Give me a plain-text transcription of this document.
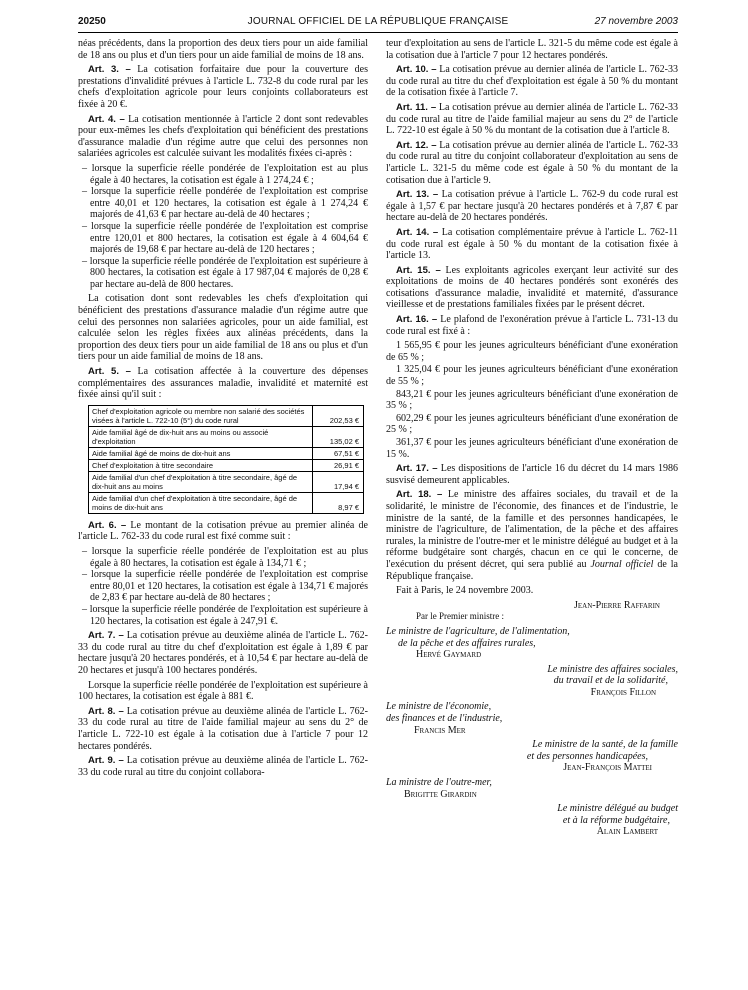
20250	JOURNAL OFFICIEL DE LA RÉPUBLIQUE FRANÇAISE	27 novembre 2003

néas précédents, dans la proportion des deux tiers pour un aide familial de 18 ans ou plus et d'un tiers pour un aide familial de moins de 18 ans.

Art. 3. – La cotisation forfaitaire due pour la couverture des prestations d'invalidité prévues à l'article L. 732-8 du code rural par les chefs d'exploitation agricole pour leurs conjoints collaborateurs est fixée à 20 €.

Art. 4. – La cotisation mentionnée à l'article 2 dont sont redevables pour eux-mêmes les chefs d'exploitation qui bénéficient des prestations d'assurance maladie d'un régime autre que celui des personnes non salariées agricoles est calculée suivant les modalités fixées ci-après :

– lorsque la superficie réelle pondérée de l'exploitation est au plus égale à 40 hectares, la cotisation est égale à 1 274,24 € ;
– lorsque la superficie réelle pondérée de l'exploitation est comprise entre 40,01 et 120 hectares, la cotisation est égale à 1 274,24 € majorés de 41,63 € par hectare au-delà de 40 hectares ;
– lorsque la superficie réelle pondérée de l'exploitation est comprise entre 120,01 et 800 hectares, la cotisation est égale à 4 604,64 € majorés de 19,68 € par hectare au-delà de 120 hectares ;
– lorsque la superficie réelle pondérée de l'exploitation est supérieure à 800 hectares, la cotisation est égale à 17 987,04 € majorés de 0,28 € par hectare au-delà de 800 hectares.

La cotisation dont sont redevables les chefs d'exploitation qui bénéficient des prestations d'assurance maladie d'un régime autre que celui des personnes non salariées agricoles, pour un aide familial, est calculée selon les règles fixées aux alinéas précédents, dans la proportion des deux tiers pour un aide familial de 18 ans ou plus et d'un tiers pour un aide familial de moins de 18 ans.

Art. 5. – La cotisation affectée à la couverture des dépenses complémentaires des assurances maladie, invalidité et maternité est fixée ainsi qu'il suit :

Chef d'exploitation agricole ou membre non salarié des sociétés visées à l'article L. 722-10 (5°) du code rural	202,53 €
Aide familial âgé de dix-huit ans au moins ou associé d'exploitation	135,02 €
Aide familial âgé de moins de dix-huit ans	67,51 €
Chef d'exploitation à titre secondaire	26,91 €
Aide familial d'un chef d'exploitation à titre secondaire, âgé de dix-huit ans au moins	17,94 €
Aide familial d'un chef d'exploitation à titre secondaire, âgé de moins de dix-huit ans	8,97 €

Art. 6. – Le montant de la cotisation prévue au premier alinéa de l'article L. 762-33 du code rural est fixé comme suit :

– lorsque la superficie réelle pondérée de l'exploitation est au plus égale à 80 hectares, la cotisation est égale à 134,71 € ;
– lorsque la superficie réelle pondérée de l'exploitation est comprise entre 80,01 et 120 hectares, la cotisation est égale à 134,71 € majorés de 2,83 € par hectare au-delà de 80 hectares ;
– lorsque la superficie réelle pondérée de l'exploitation est supérieure à 120 hectares, la cotisation est égale à 247,91 €.

Art. 7. – La cotisation prévue au deuxième alinéa de l'article L. 762-33 du code rural au titre du chef d'exploitation est égale à 1,89 € par hectare jusqu'à 20 hectares pondérés, et à 10,54 € par hectare au-delà de 20 hectares et jusqu'à 100 hectares pondérés.

Lorsque la superficie réelle pondérée de l'exploitation est supérieure à 100 hectares, la cotisation est égale à 881 €.

Art. 8. – La cotisation prévue au deuxième alinéa de l'article L. 762-33 du code rural au titre de l'aide familial majeur au sens du 2° de l'article L. 722-10 est égale à la cotisation due à l'article 7 pour 12 hectares pondérés.

Art. 9. – La cotisation prévue au deuxième alinéa de l'article L. 762-33 du code rural au titre du conjoint collabora-

teur d'exploitation au sens de l'article L. 321-5 du même code est égale à la cotisation due à l'article 7 pour 12 hectares pondérés.

Art. 10. – La cotisation prévue au dernier alinéa de l'article L. 762-33 du code rural au titre du chef d'exploitation est égale à 50 % du montant de la cotisation fixée à l'article 7.

Art. 11. – La cotisation prévue au dernier alinéa de l'article L. 762-33 du code rural au titre de l'aide familial majeur au sens du 2° de l'article L. 722-10 est égale à 50 % du montant de la cotisation due à l'article 8.

Art. 12. – La cotisation prévue au dernier alinéa de l'article L. 762-33 du code rural au titre du conjoint collaborateur d'exploitation au sens de l'article L. 321-5 du même code est égale à 50 % du montant de la cotisation due à l'article 9.

Art. 13. – La cotisation prévue à l'article L. 762-9 du code rural est égale à 1,57 € par hectare jusqu'à 20 hectares pondérés et à 7,87 € par hectare au-delà de 20 hectares pondérés.

Art. 14. – La cotisation complémentaire prévue à l'article L. 762-11 du code rural est égale à 50 % du montant de la cotisation fixée à l'article 13.

Art. 15. – Les exploitants agricoles exerçant leur activité sur des exploitations de moins de 40 hectares pondérés sont exonérés des cotisations d'assurance maladie, invalidité et maternité, d'assurance vieillesse et de prestations familiales fixées par le présent décret.

Art. 16. – Le plafond de l'exonération prévue à l'article L. 731-13 du code rural est fixé à :

1 565,95 € pour les jeunes agriculteurs bénéficiant d'une exonération de 65 % ;

1 325,04 € pour les jeunes agriculteurs bénéficiant d'une exonération de 55 % ;

843,21 € pour les jeunes agriculteurs bénéficiant d'une exonération de 35 % ;

602,29 € pour les jeunes agriculteurs bénéficiant d'une exonération de 25 % ;

361,37 € pour les jeunes agriculteurs bénéficiant d'une exonération de 15 %.

Art. 17. – Les dispositions de l'article 16 du décret du 14 mars 1986 susvisé demeurent applicables.

Art. 18. – Le ministre des affaires sociales, du travail et de la solidarité, le ministre de l'économie, des finances et de l'industrie, le ministre de la santé, de la famille et des personnes handicapées, le ministre de l'agriculture, de l'alimentation, de la pêche et des affaires rurales, la ministre de l'outre-mer et le ministre délégué au budget et à la réforme budgétaire sont chargés, chacun en ce qui le concerne, de l'exécution du présent décret, qui sera publié au Journal officiel de la République française.

Fait à Paris, le 24 novembre 2003.

Jean-Pierre Raffarin

Par le Premier ministre :

Le ministre de l'agriculture, de l'alimentation,

de la pêche et des affaires rurales,

Hervé Gaymard

Le ministre des affaires sociales,

du travail et de la solidarité,

François Fillon

Le ministre de l'économie,

des finances et de l'industrie,

Francis Mer

Le ministre de la santé, de la famille

et des personnes handicapées,

Jean-François Mattei

La ministre de l'outre-mer,

Brigitte Girardin

Le ministre délégué au budget

et à la réforme budgétaire,

Alain Lambert
